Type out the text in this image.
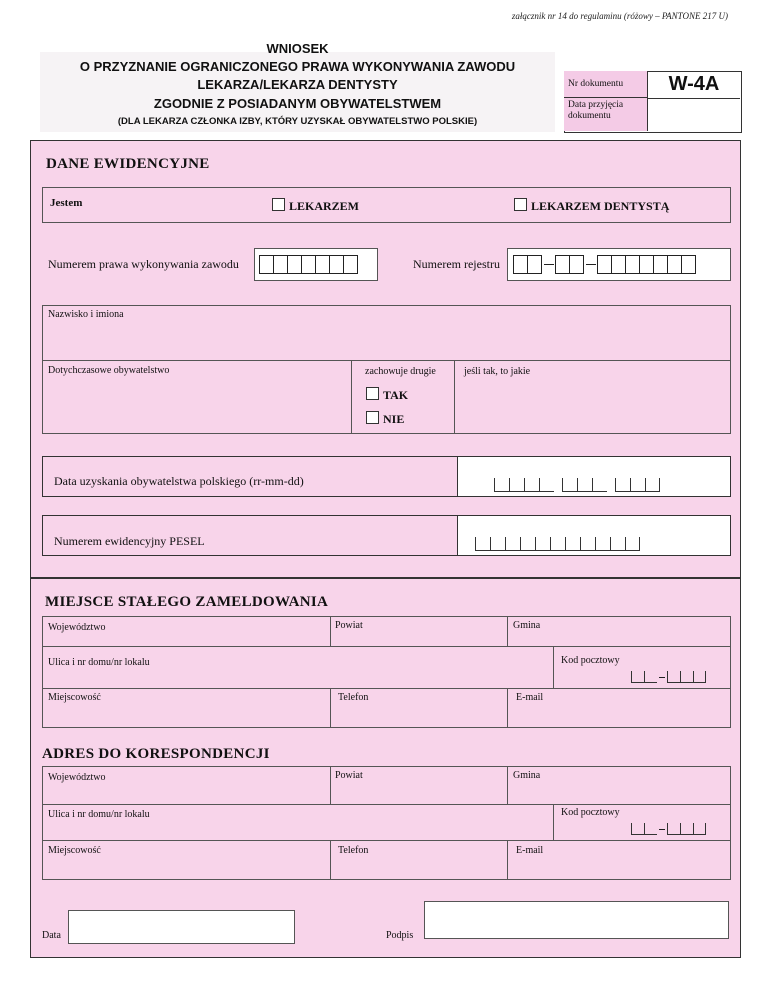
załącznik nr 14 do regulaminu (różowy – PANTONE 217 U)
WNIOSEK
O PRZYZNANIE OGRANICZONEGO PRAWA WYKONYWANIA ZAWODU
LEKARZA/LEKARZA DENTYSTY
ZGODNIE Z POSIADANYM OBYWATELSTWEM
(DLA LEKARZA CZŁONKA IZBY, KTÓRY UZYSKAŁ OBYWATELSTWO POLSKIE)
Nr dokumentu
Data przyjęcia dokumentu
W-4A
DANE EWIDENCYJNE
Jestem	LEKARZEM	LEKARZEM DENTYSTĄ
Numerem prawa wykonywania zawodu	Numerem rejestru
Nazwisko i imiona
Dotychczasowe obywatelstwo	zachowuje drugie	jeśli tak, to jakie
TAK
NIE
Data uzyskania obywatelstwa polskiego (rr-mm-dd)
Numerem ewidencyjny PESEL
MIEJSCE STAŁEGO ZAMELDOWANIA
Województwo	Powiat	Gmina
Ulica i nr domu/nr lokalu	Kod pocztowy
Miejscowość	Telefon	E-mail
ADRES DO KORESPONDENCJI
Województwo	Powiat	Gmina
Ulica i nr domu/nr lokalu	Kod pocztowy
Miejscowość	Telefon	E-mail
Data	Podpis
